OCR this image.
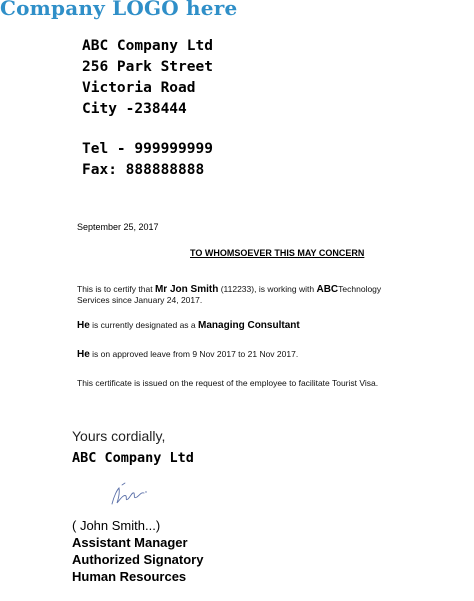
Company LOGO here
ABC Company Ltd
256 Park Street
Victoria Road
City -238444
Tel - 999999999
Fax: 888888888
September 25, 2017
TO WHOMSOEVER THIS MAY CONCERN
This is to certify that Mr Jon Smith (112233), is working with ABCTechnology
Services since January 24, 2017.
He is currently designated as a Managing Consultant
He is on approved leave from 9 Nov 2017 to 21 Nov 2017.
This certificate is issued on the request of the employee to facilitate Tourist Visa.
Yours cordially,
ABC Company Ltd
( John Smith...)
Assistant Manager
Authorized Signatory
Human Resources
